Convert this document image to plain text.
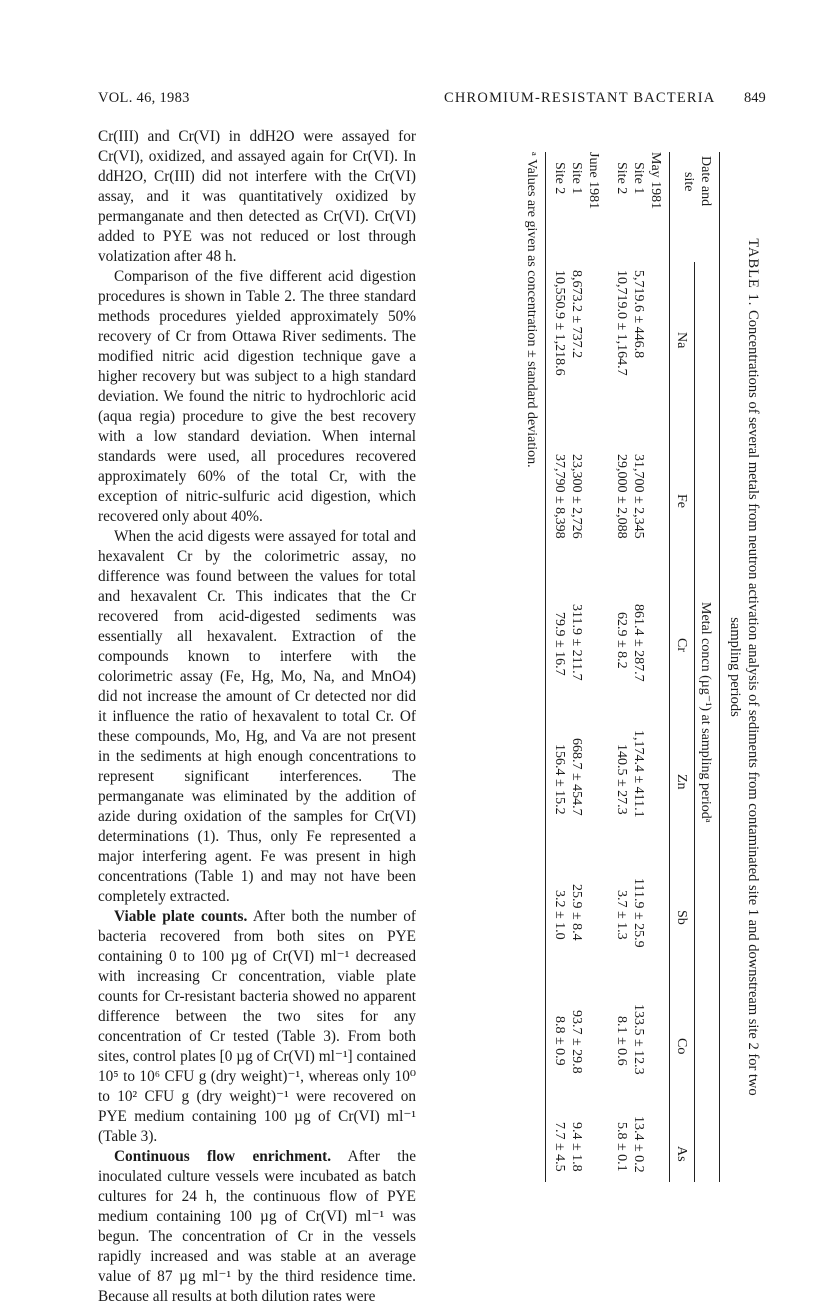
VOL. 46, 1983	CHROMIUM-RESISTANT BACTERIA 849

Cr(III) and Cr(VI) in ddH2O were assayed for Cr(VI), oxidized, and assayed again for Cr(VI). In ddH2O, Cr(III) did not interfere with the Cr(VI) assay, and it was quantitatively oxidized by permanganate and then detected as Cr(VI). Cr(VI) added to PYE was not reduced or lost through volatization after 48 h.

Comparison of the five different acid digestion procedures is shown in Table 2. The three standard methods procedures yielded approximately 50% recovery of Cr from Ottawa River sediments. The modified nitric acid digestion technique gave a higher recovery but was subject to a high standard deviation. We found the nitric to hydrochloric acid (aqua regia) procedure to give the best recovery with a low standard deviation. When internal standards were used, all procedures recovered approximately 60% of the total Cr, with the exception of nitric-sulfuric acid digestion, which recovered only about 40%.

When the acid digests were assayed for total and hexavalent Cr by the colorimetric assay, no difference was found between the values for total and hexavalent Cr. This indicates that the Cr recovered from acid-digested sediments was essentially all hexavalent. Extraction of the compounds known to interfere with the colorimetric assay (Fe, Hg, Mo, Na, and MnO4) did not increase the amount of Cr detected nor did it influence the ratio of hexavalent to total Cr. Of these compounds, Mo, Hg, and Va are not present in the sediments at high enough concentrations to represent significant interferences. The permanganate was eliminated by the addition of azide during oxidation of the samples for Cr(VI) determinations (1). Thus, only Fe represented a major interfering agent. Fe was present in high concentrations (Table 1) and may not have been completely extracted.

Viable plate counts. After both the number of bacteria recovered from both sites on PYE containing 0 to 100 µg of Cr(VI) ml⁻¹ decreased with increasing Cr concentration, viable plate counts for Cr-resistant bacteria showed no apparent difference between the two sites for any concentration of Cr tested (Table 3). From both sites, control plates [0 µg of Cr(VI) ml⁻¹] contained 10⁵ to 10⁶ CFU g (dry weight)⁻¹, whereas only 10⁰ to 10² CFU g (dry weight)⁻¹ were recovered on PYE medium containing 100 µg of Cr(VI) ml⁻¹ (Table 3).

Continuous flow enrichment. After the inoculated culture vessels were incubated as batch cultures for 24 h, the continuous flow of PYE medium containing 100 µg of Cr(VI) ml⁻¹ was begun. The concentration of Cr in the vessels rapidly increased and was stable at an average value of 87 µg ml⁻¹ by the third residence time. Because all results at both dilution rates were

TABLE 1. Concentrations of several metals from neutron activation analysis of sediments from contaminated site 1 and downstream site 2 for two
sampling periods
Date and
site
Metal concn (µg⁻¹) at sampling periodᵃ
Na
Fe
Cr
Zn
Sb
Co
As
May 1981
Site 1
5,719.6 ± 446.8
31,700 ± 2,345
861.4 ± 287.7
1,174.4 ± 411.1
111.9 ± 25.9
133.5 ± 12.3
13.4 ± 0.2
Site 2
10,719.0 ± 1,164.7
29,000 ± 2,088
62.9 ± 8.2
140.5 ± 27.3
3.7 ± 1.3
8.1 ± 0.6
5.8 ± 0.1
June 1981
Site 1
8,673.2 ± 737.2
23,300 ± 2,726
311.9 ± 211.7
668.7 ± 454.7
25.9 ± 8.4
93.7 ± 29.8
9.4 ± 1.8
Site 2
10,550.9 ± 1,218.6
37,790 ± 8,398
79.9 ± 16.7
156.4 ± 15.2
3.2 ± 1.0
8.8 ± 0.9
7.7 ± 4.5
ᵃ Values are given as concentration ± standard deviation.
